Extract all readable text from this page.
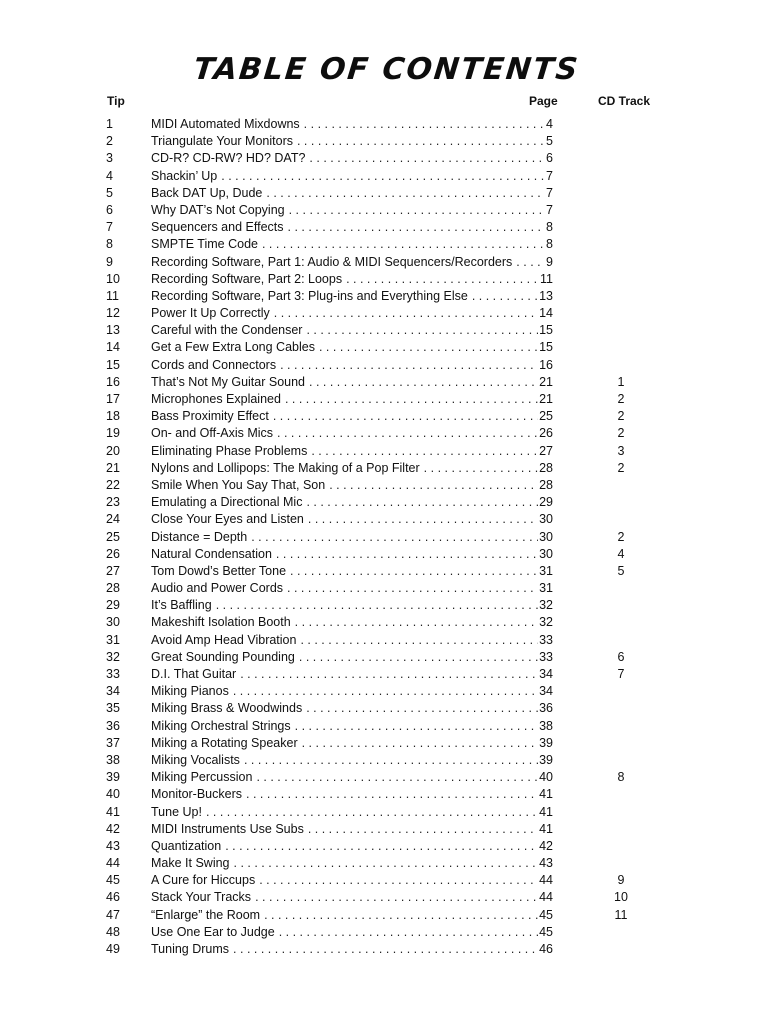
TABLE OF CONTENTS
Tip	Page	CD Track
1	MIDI Automated Mixdowns . . .	4
2	Triangulate Your Monitors . . .	5
3	CD-R? CD-RW? HD? DAT? . . .	6
4	Shackin’ Up . . .	7
5	Back DAT Up, Dude . . .	7
6	Why DAT’s Not Copying . . .	7
7	Sequencers and Effects . . .	8
8	SMPTE Time Code . . .	8
9	Recording Software, Part 1: Audio & MIDI Sequencers/Recorders . . .	9
10 Recording Software, Part 2: Loops . . .	11
11	Recording Software, Part 3: Plug-ins and Everything Else . . .	13
12 Power It Up Correctly . . .	14
13 Careful with the Condenser . . .	15
14 Get a Few Extra Long Cables . . .	15
15 Cords and Connectors . . .	16
16 That’s Not My Guitar Sound . . .	21	1
17 Microphones Explained . . .	21	2
18 Bass Proximity Effect . . .	25	2
19 On- and Off-Axis Mics . . .	26	2
20 Eliminating Phase Problems . . .	27	3
21 Nylons and Lollipops: The Making of a Pop Filter . . .	28	2
22 Smile When You Say That, Son . . .	28
23 Emulating a Directional Mic . . .	29
24 Close Your Eyes and Listen . . .	30
25 Distance = Depth . . .	30	2
26 Natural Condensation . . .	30	4
27 Tom Dowd’s Better Tone . . .	31	5
28 Audio and Power Cords . . .	31
29 It’s Baffling . . .	32
30 Makeshift Isolation Booth . . .	32
31 Avoid Amp Head Vibration . . .	33
32 Great Sounding Pounding . . .	33	6
33 D.I. That Guitar . . .	34	7
34 Miking Pianos . . .	34
35 Miking Brass & Woodwinds . . .	36
36 Miking Orchestral Strings . . .	38
37 Miking a Rotating Speaker . . .	39
38 Miking Vocalists . . .	39
39 Miking Percussion . . .	40	8
40 Monitor-Buckers . . .	41
41 Tune Up! . . .	41
42 MIDI Instruments Use Subs . . .	41
43 Quantization . . .	42
44 Make It Swing . . .	43
45 A Cure for Hiccups . . .	44	9
46 Stack Your Tracks . . .	44	10
47 “Enlarge” the Room . . .	45	11
48 Use One Ear to Judge . . .	45
49 Tuning Drums . . .	46
